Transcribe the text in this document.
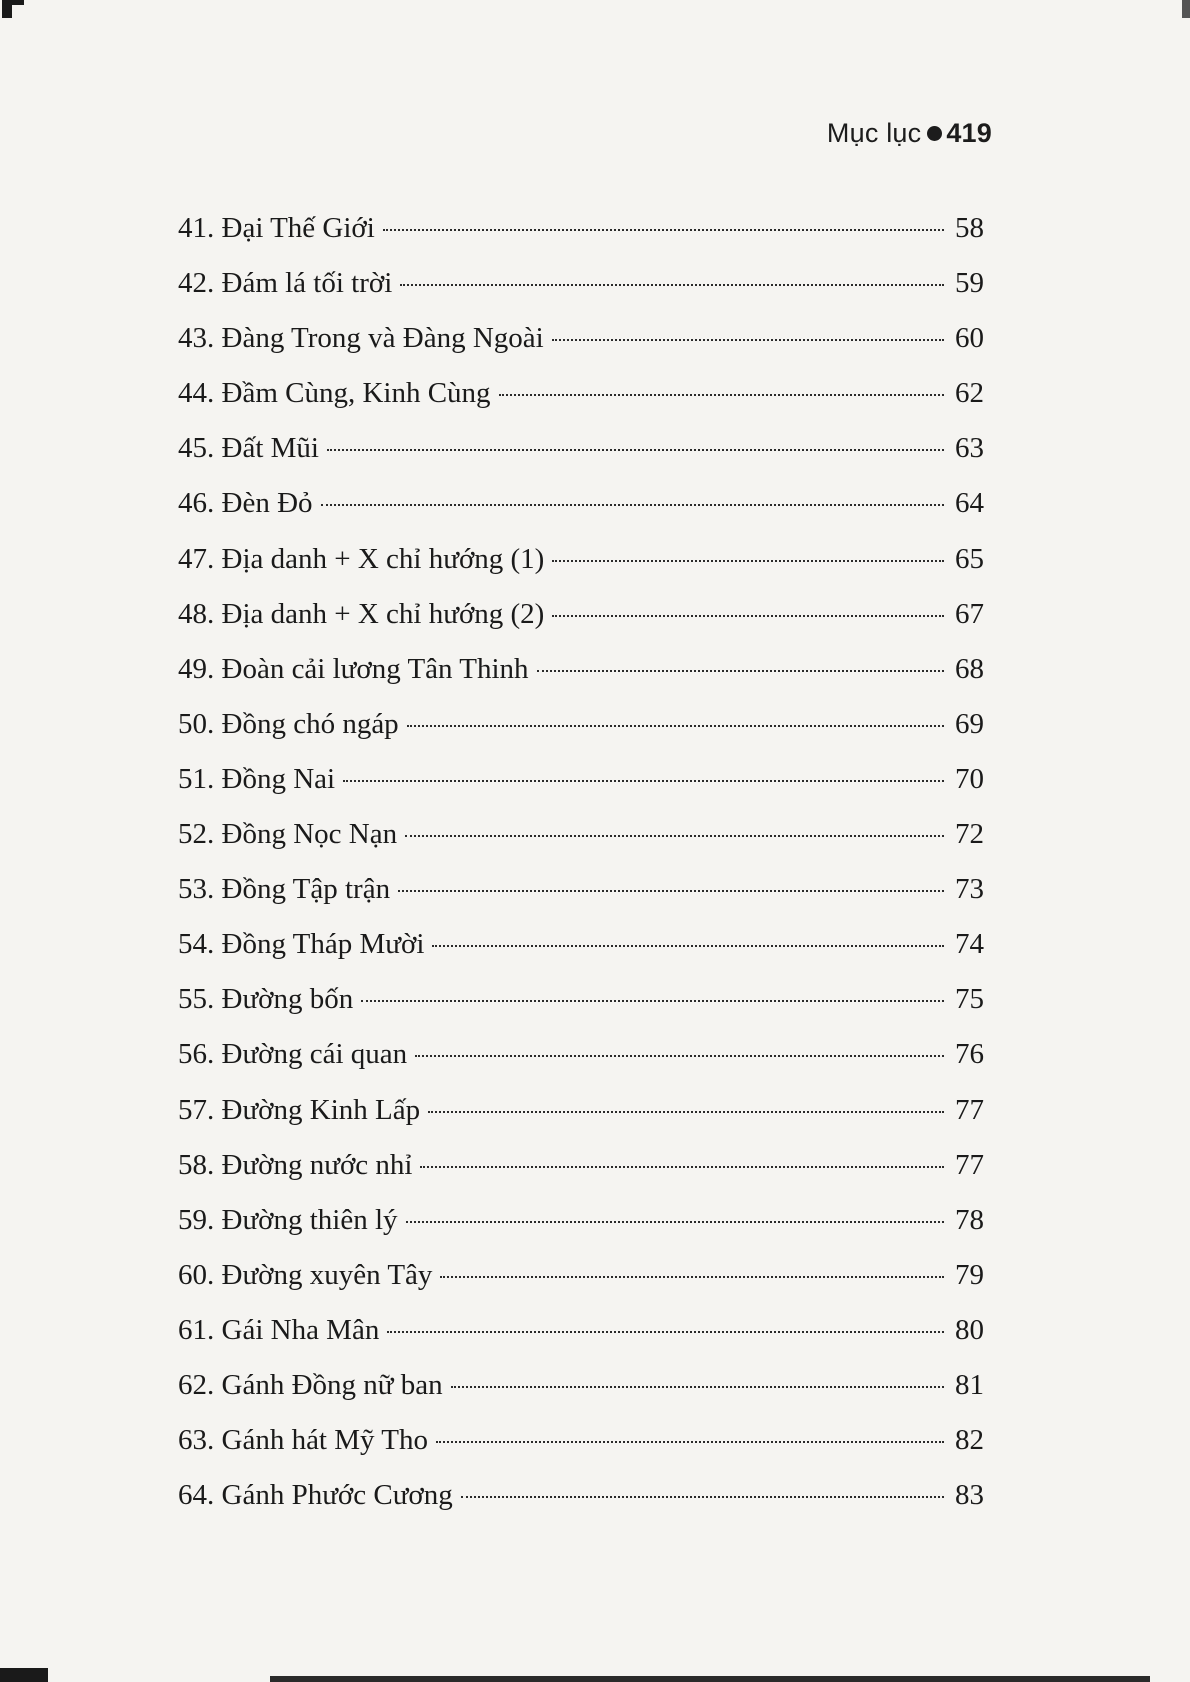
Mục lục 419
41. Đại Thế Giới	58
42. Đám lá tối trời	59
43. Đàng Trong và Đàng Ngoài	60
44. Đầm Cùng, Kinh Cùng	62
45. Đất Mũi	63
46. Đèn Đỏ	64
47. Địa danh + X chỉ hướng (1)	65
48. Địa danh + X chỉ hướng (2)	67
49. Đoàn cải lương Tân Thinh	68
50. Đồng chó ngáp	69
51. Đồng Nai	70
52. Đồng Nọc Nạn	72
53. Đồng Tập trận	73
54. Đồng Tháp Mười	74
55. Đường bốn	75
56. Đường cái quan	76
57. Đường Kinh Lấp	77
58. Đường nước nhỉ	77
59. Đường thiên lý	78
60. Đường xuyên Tây	79
61. Gái Nha Mân	80
62. Gánh Đồng nữ ban	81
63. Gánh hát Mỹ Tho	82
64. Gánh Phước Cương	83
